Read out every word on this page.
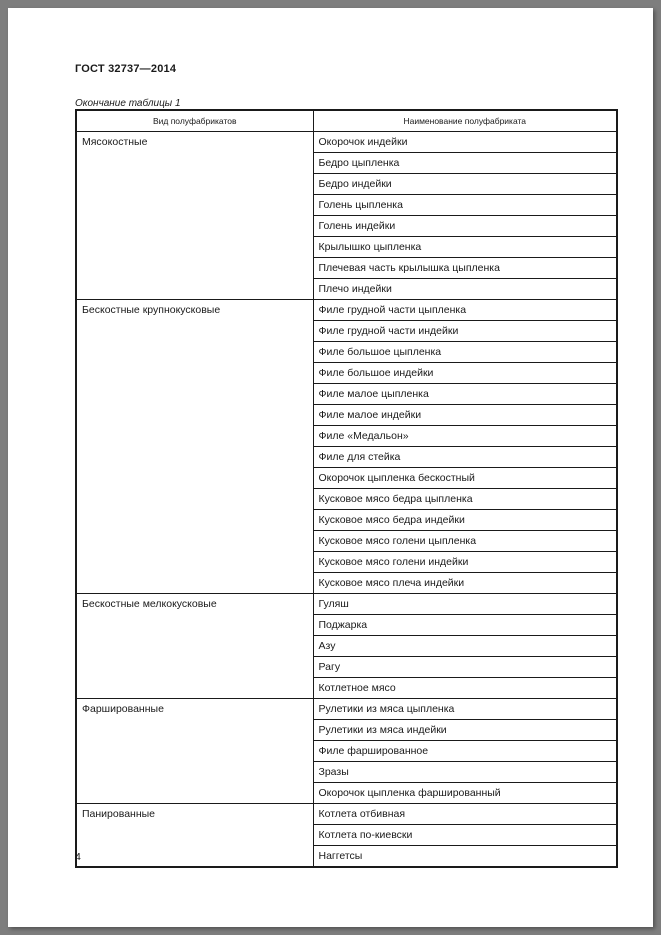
ГОСТ 32737—2014
Окончание таблицы 1
Вид полуфабрикатов	Наименование полуфабриката
Мясокостные	Окорочок индейки
	Бедро цыпленка
	Бедро индейки
	Голень цыпленка
	Голень индейки
	Крылышко цыпленка
	Плечевая часть крылышка цыпленка
	Плечо индейки
Бескостные крупнокусковые	Филе грудной части цыпленка
	Филе грудной части индейки
	Филе большое цыпленка
	Филе большое индейки
	Филе малое цыпленка
	Филе малое индейки
	Филе «Медальон»
	Филе для стейка
	Окорочок цыпленка бескостный
	Кусковое мясо бедра цыпленка
	Кусковое мясо бедра индейки
	Кусковое мясо голени цыпленка
	Кусковое мясо голени индейки
	Кусковое мясо плеча индейки
Бескостные мелкокусковые	Гуляш
	Поджарка
	Азу
	Рагу
	Котлетное мясо
Фаршированные	Рулетики из мяса цыпленка
	Рулетики из мяса индейки
	Филе фаршированное
	Зразы
	Окорочок цыпленка фаршированный
Панированные	Котлета отбивная
	Котлета по-киевски
	Наггетсы
4
